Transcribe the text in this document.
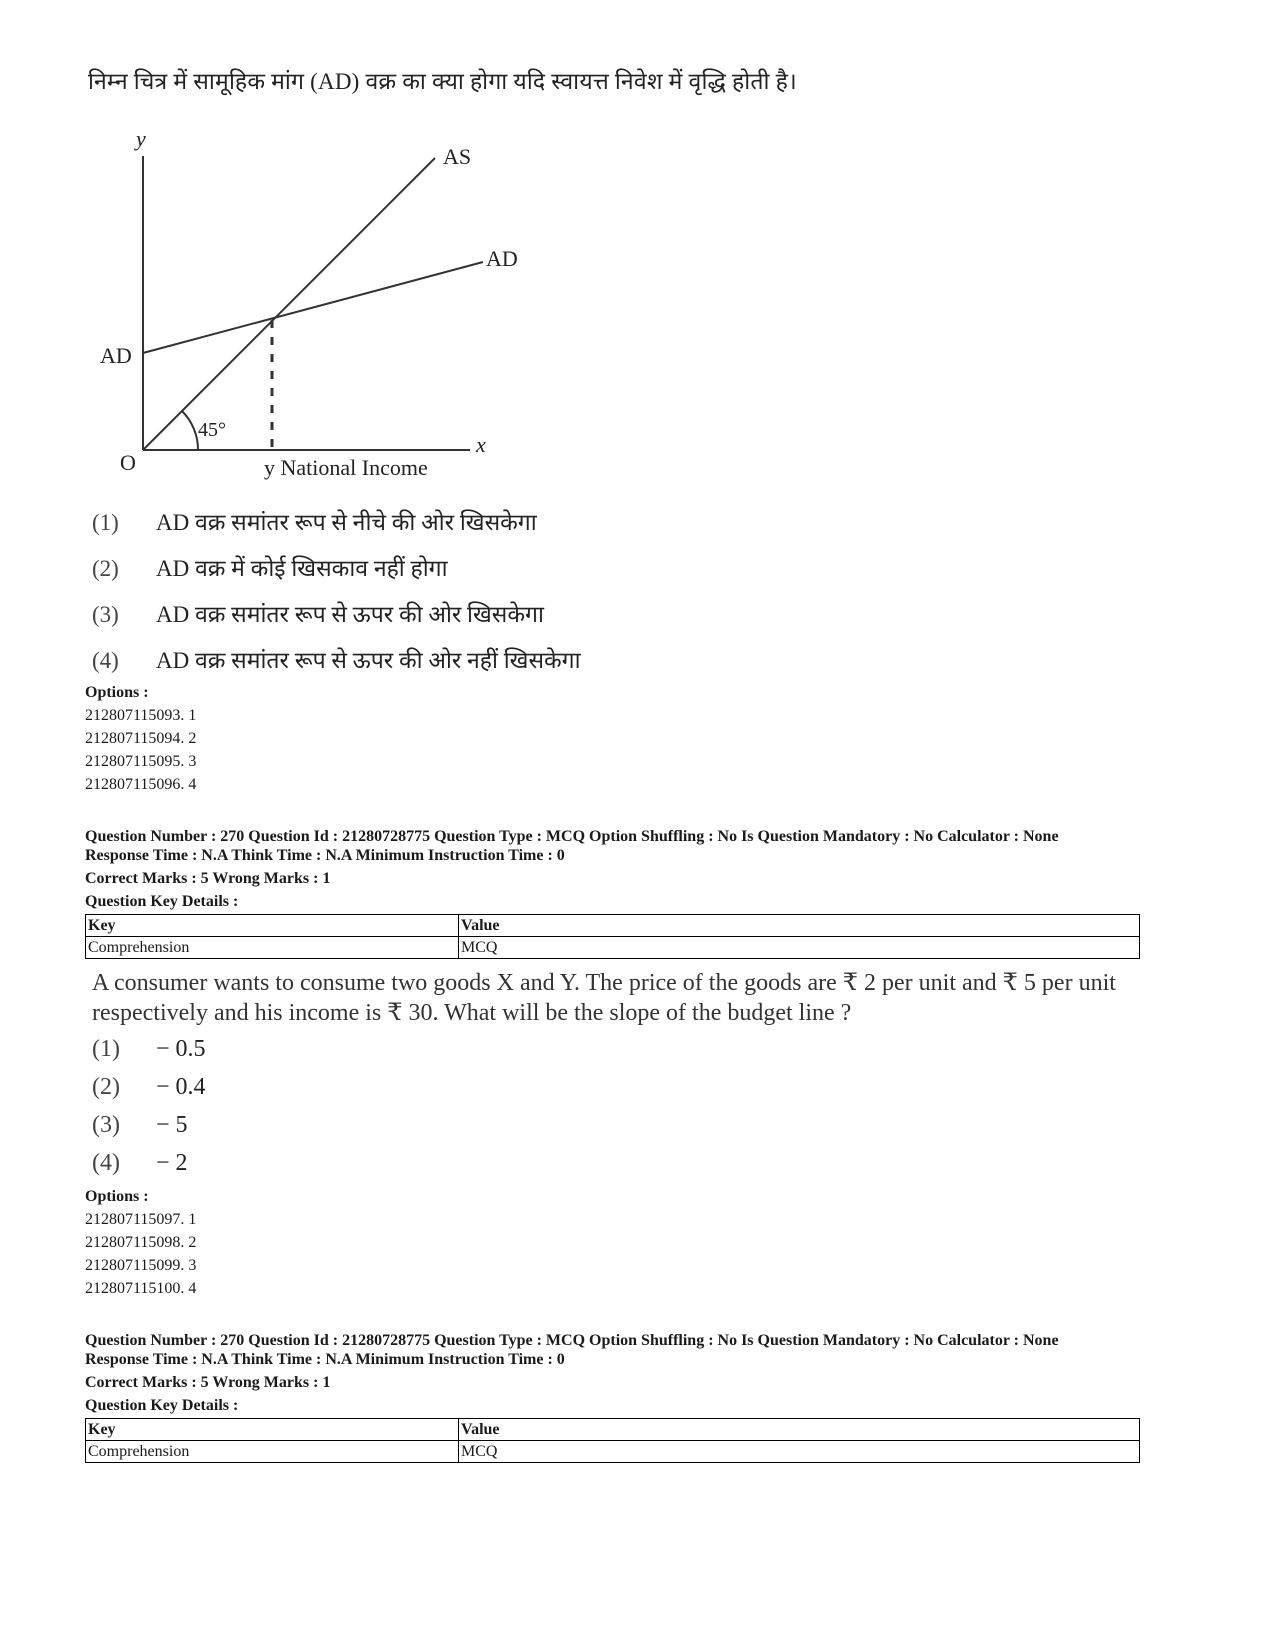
निम्न चित्र में सामूहिक मांग (AD) वक्र का क्या होगा यदि स्वायत्त निवेश में वृद्धि होती है।
y
AS
AD
AD
45°
O
x
y National Income
(1) AD वक्र समांतर रूप से नीचे की ओर खिसकेगा
(2) AD वक्र में कोई खिसकाव नहीं होगा
(3) AD वक्र समांतर रूप से ऊपर की ओर खिसकेगा
(4) AD वक्र समांतर रूप से ऊपर की ओर नहीं खिसकेगा
Options :
212807115093. 1
212807115094. 2
212807115095. 3
212807115096. 4
Question Number : 270 Question Id : 21280728775 Question Type : MCQ Option Shuffling : No Is Question Mandatory : No Calculator : None
Response Time : N.A Think Time : N.A Minimum Instruction Time : 0
Correct Marks : 5 Wrong Marks : 1
Question Key Details :
Key	Value
Comprehension	MCQ
A consumer wants to consume two goods X and Y. The price of the goods are ₹ 2 per unit and ₹ 5 per unit respectively and his income is ₹ 30. What will be the slope of the budget line ?
(1) − 0.5
(2) − 0.4
(3) − 5
(4) − 2
Options :
212807115097. 1
212807115098. 2
212807115099. 3
212807115100. 4
Question Number : 270 Question Id : 21280728775 Question Type : MCQ Option Shuffling : No Is Question Mandatory : No Calculator : None
Response Time : N.A Think Time : N.A Minimum Instruction Time : 0
Correct Marks : 5 Wrong Marks : 1
Question Key Details :
Key	Value
Comprehension	MCQ
